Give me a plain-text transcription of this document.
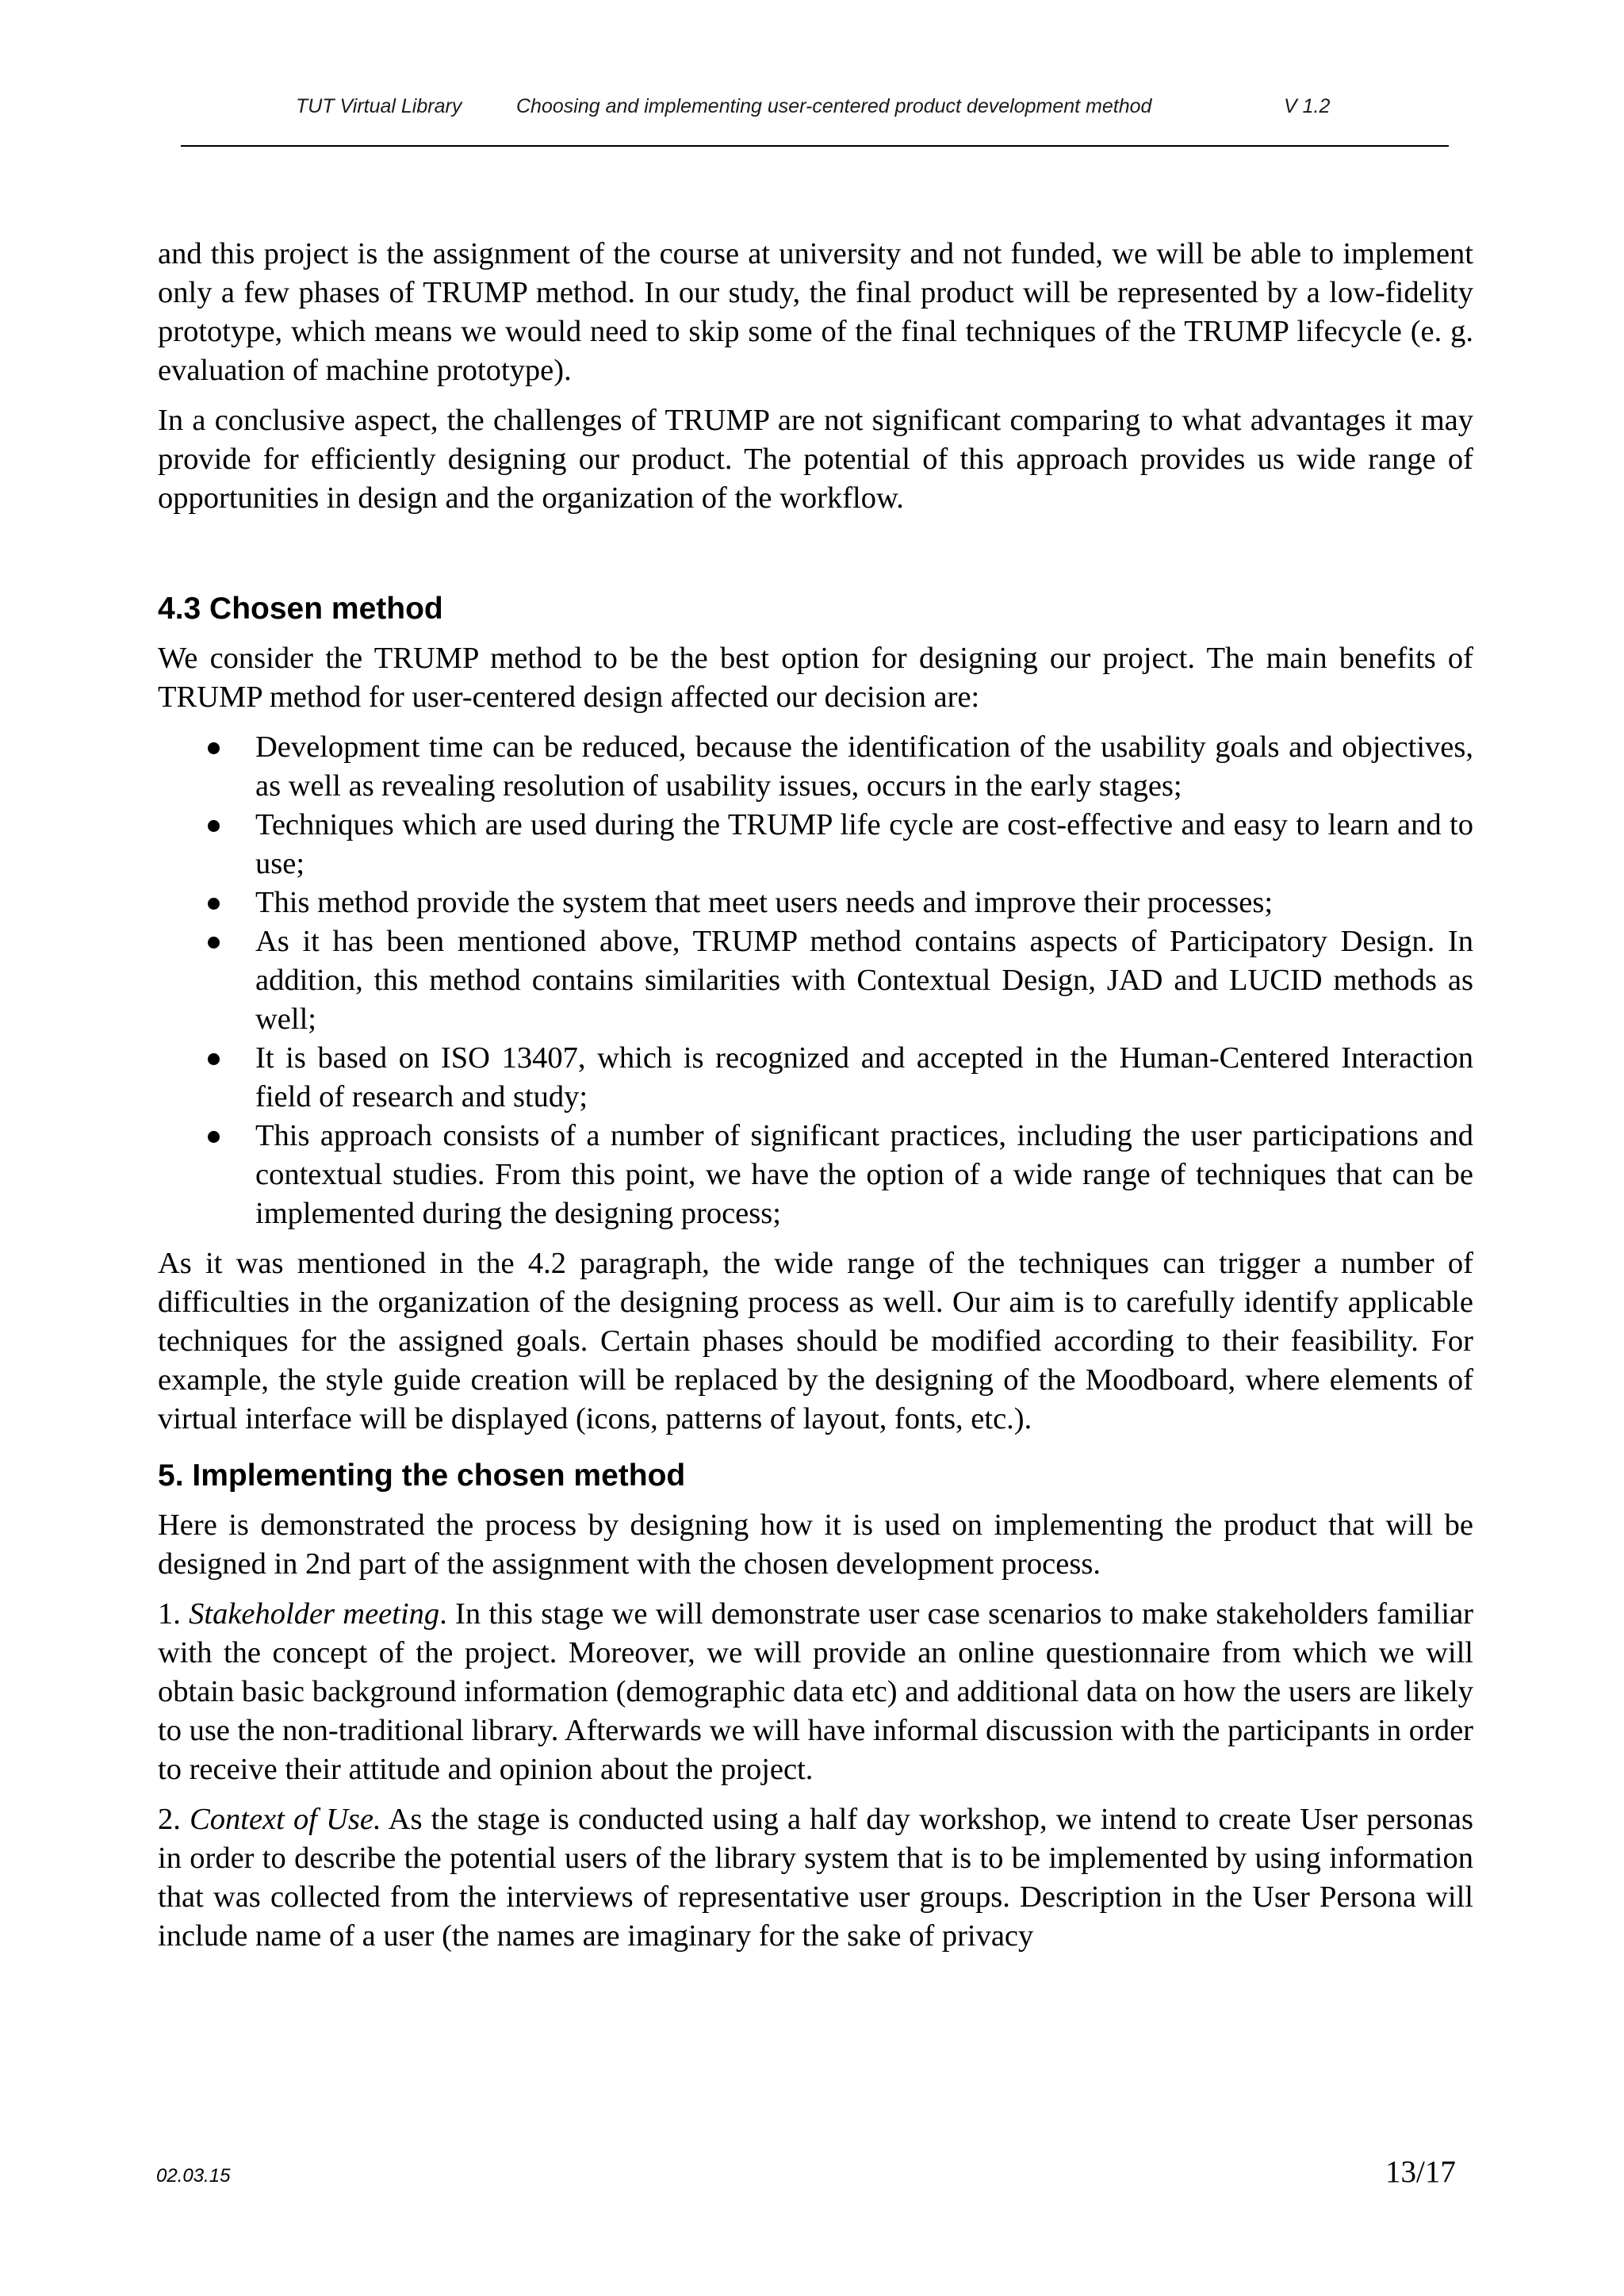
TUT Virtual Library	Choosing and implementing user-centered product development method	V 1.2

and this project is the assignment of the course at university and not funded, we will be able to implement only a few phases of TRUMP method. In our study, the final product will be represented by a low-fidelity prototype, which means we would need to skip some of the final techniques of the TRUMP lifecycle (e. g. evaluation of machine prototype).

In a conclusive aspect, the challenges of TRUMP are not significant comparing to what advantages it may provide for efficiently designing our product. The potential of this approach provides us wide range of opportunities in design and the organization of the workflow.

4.3 Chosen method

We consider the TRUMP method to be the best option for designing our project. The main benefits of TRUMP method for user-centered design affected our decision are:

Development time can be reduced, because the identification of the usability goals and objectives, as well as revealing resolution of usability issues, occurs in the early stages;
Techniques which are used during the TRUMP life cycle are cost-effective and easy to learn and to use;
This method provide the system that meet users needs and improve their processes;
As it has been mentioned above, TRUMP method contains aspects of Participatory Design. In addition, this method contains similarities with Contextual Design, JAD and LUCID methods as well;
It is based on ISO 13407, which is recognized and accepted in the Human-Centered Interaction field of research and study;
This approach consists of a number of significant practices, including the user participations and contextual studies. From this point, we have the option of a wide range of techniques that can be implemented during the designing process;

As it was mentioned in the 4.2 paragraph, the wide range of the techniques can trigger a number of difficulties in the organization of the designing process as well. Our aim is to carefully identify applicable techniques for the assigned goals. Certain phases should be modified according to their feasibility. For example, the style guide creation will be replaced by the designing of the Moodboard, where elements of virtual interface will be displayed (icons, patterns of layout, fonts, etc.).

5. Implementing the chosen method

Here is demonstrated the process by designing how it is used on implementing the product that will be designed in 2nd part of the assignment with the chosen development process.

1. Stakeholder meeting. In this stage we will demonstrate user case scenarios to make stakeholders familiar with the concept of the project. Moreover, we will provide an online questionnaire from which we will obtain basic background information (demographic data etc) and additional data on how the users are likely to use the non-traditional library. Afterwards we will have informal discussion with the participants in order to receive their attitude and opinion about the project.

2. Context of Use. As the stage is conducted using a half day workshop, we intend to create User personas in order to describe the potential users of the library system that is to be implemented by using information that was collected from the interviews of representative user groups. Description in the User Persona will include name of a user (the names are imaginary for the sake of privacy

02.03.15	13/17
